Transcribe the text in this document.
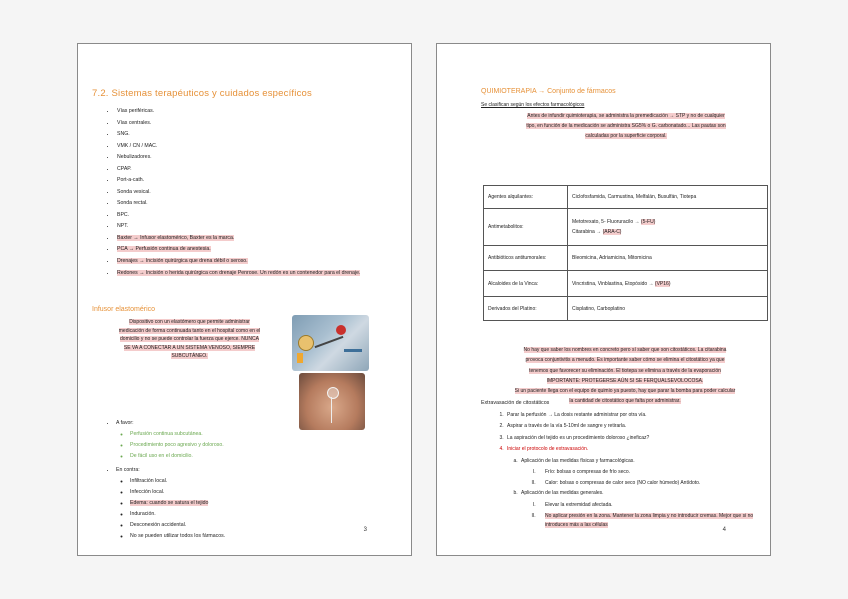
7.2. Sistemas terapéuticos y cuidados específicos
• Vías periféricas.
• Vías centrales.
• SNG.
• VMK / CN / MAC.
• Nebulizadores.
• CPAP.
• Port-a-cath.
• Sonda vesical.
• Sonda rectal.
• BPC.
• NPT.
• Baxter → Infusor elastomérico, Baxter es la marca.
• PCA → Perfusión continua de anestesia.
• Drenajes → Incisión quirúrgica que drena débil o seroso.
• Redones → Incisión o herida quirúrgica con drenaje Penrose. Un redón es un contenedor para el drenaje.
Infusor elastomérico
Dispositivo con un elastómero que permite administrar
medicación de forma continuada tanto en el hospital como en el
domicilio y no se puede controlar la fuerza que ejerce. NUNCA
SE VA A CONECTAR A UN SISTEMA VENOSO, SIEMPRE
SUBCUTÁNEO.
• A favor:
◦ Perfusión continua subcutánea.
◦ Procedimiento poco agresivo y doloroso.
◦ De fácil uso en el domicilio.
• En contra:
◦ Infiltración local.
◦ Infección local.
◦ Edema: cuando se satura el tejido
◦ Induración.
◦ Desconexión accidental.
◦ No se pueden utilizar todos los fármacos.
3
QUIMIOTERAPIA → Conjunto de fármacos
Se clasifican según los efectos farmacológicos
Antes de infundir quimioterapia, se administra la premedicación → STP y no de cualquier
tipo, en función de la medicación se administra SG5% o G. carbonatado... Las pautas son
calculadas por la superficie corporal.
Agentes alquilantes:	Ciclofosfamida, Carmustina, Melfalán, Busulfán, Tiotepa
Antimetabolitos:	Metotrexato, 5- Fluoruracilo → (5-FU)
Citarabina → (ARA-C)

Antibióticos antitumorales:	Bleomicina, Adriamicina, Mitomicina
Alcaloides de la Vinca:	Vincristina, Vinblastina, Etopósido → (VP16)
Derivados del Platino:	Cisplatino, Carboplatino
No hay que saber los nombres en concreto pero sí saber que son citostáticos. La citarabina
provoca conjuntivitis a menudo. Es importante saber cómo se elimina el citostático ya que
tenemos que favorecer su eliminación. El tiotepa se elimina a través de la evaporación
IMPORTANTE: PROTEGERSE AÚN SI SE FERQUALSEVOLOCOSA.
Si un paciente llega con el equipo de quimio ya puesto, hay que parar la bomba para poder calcular
la cantidad de citostático que falta por administrar.
Extravasación de citostáticos
1. Parar la perfusión → La dosis restante administrar por otra vía.
2. Aspirar a través de la vía 5-10ml de sangre y retirarla.
3. La aspiración del tejido es un procedimiento doloroso ¿ineficaz?
4. Iniciar el protocolo de extravasación.
a. Aplicación de las medidas físicas y farmacológicas.
I. Frío: bolsas o compresas de frío seco.
II. Calor: bolsas o compresas de calor seco (NO calor húmedo) Antídoto.
b. Aplicación de las medidas generales.
I. Elevar la extremidad afectada.
II. No aplicar presión en la zona. Mantener la zona limpia y no introducir cremas. Mejor que si no introduces más a las células
4
